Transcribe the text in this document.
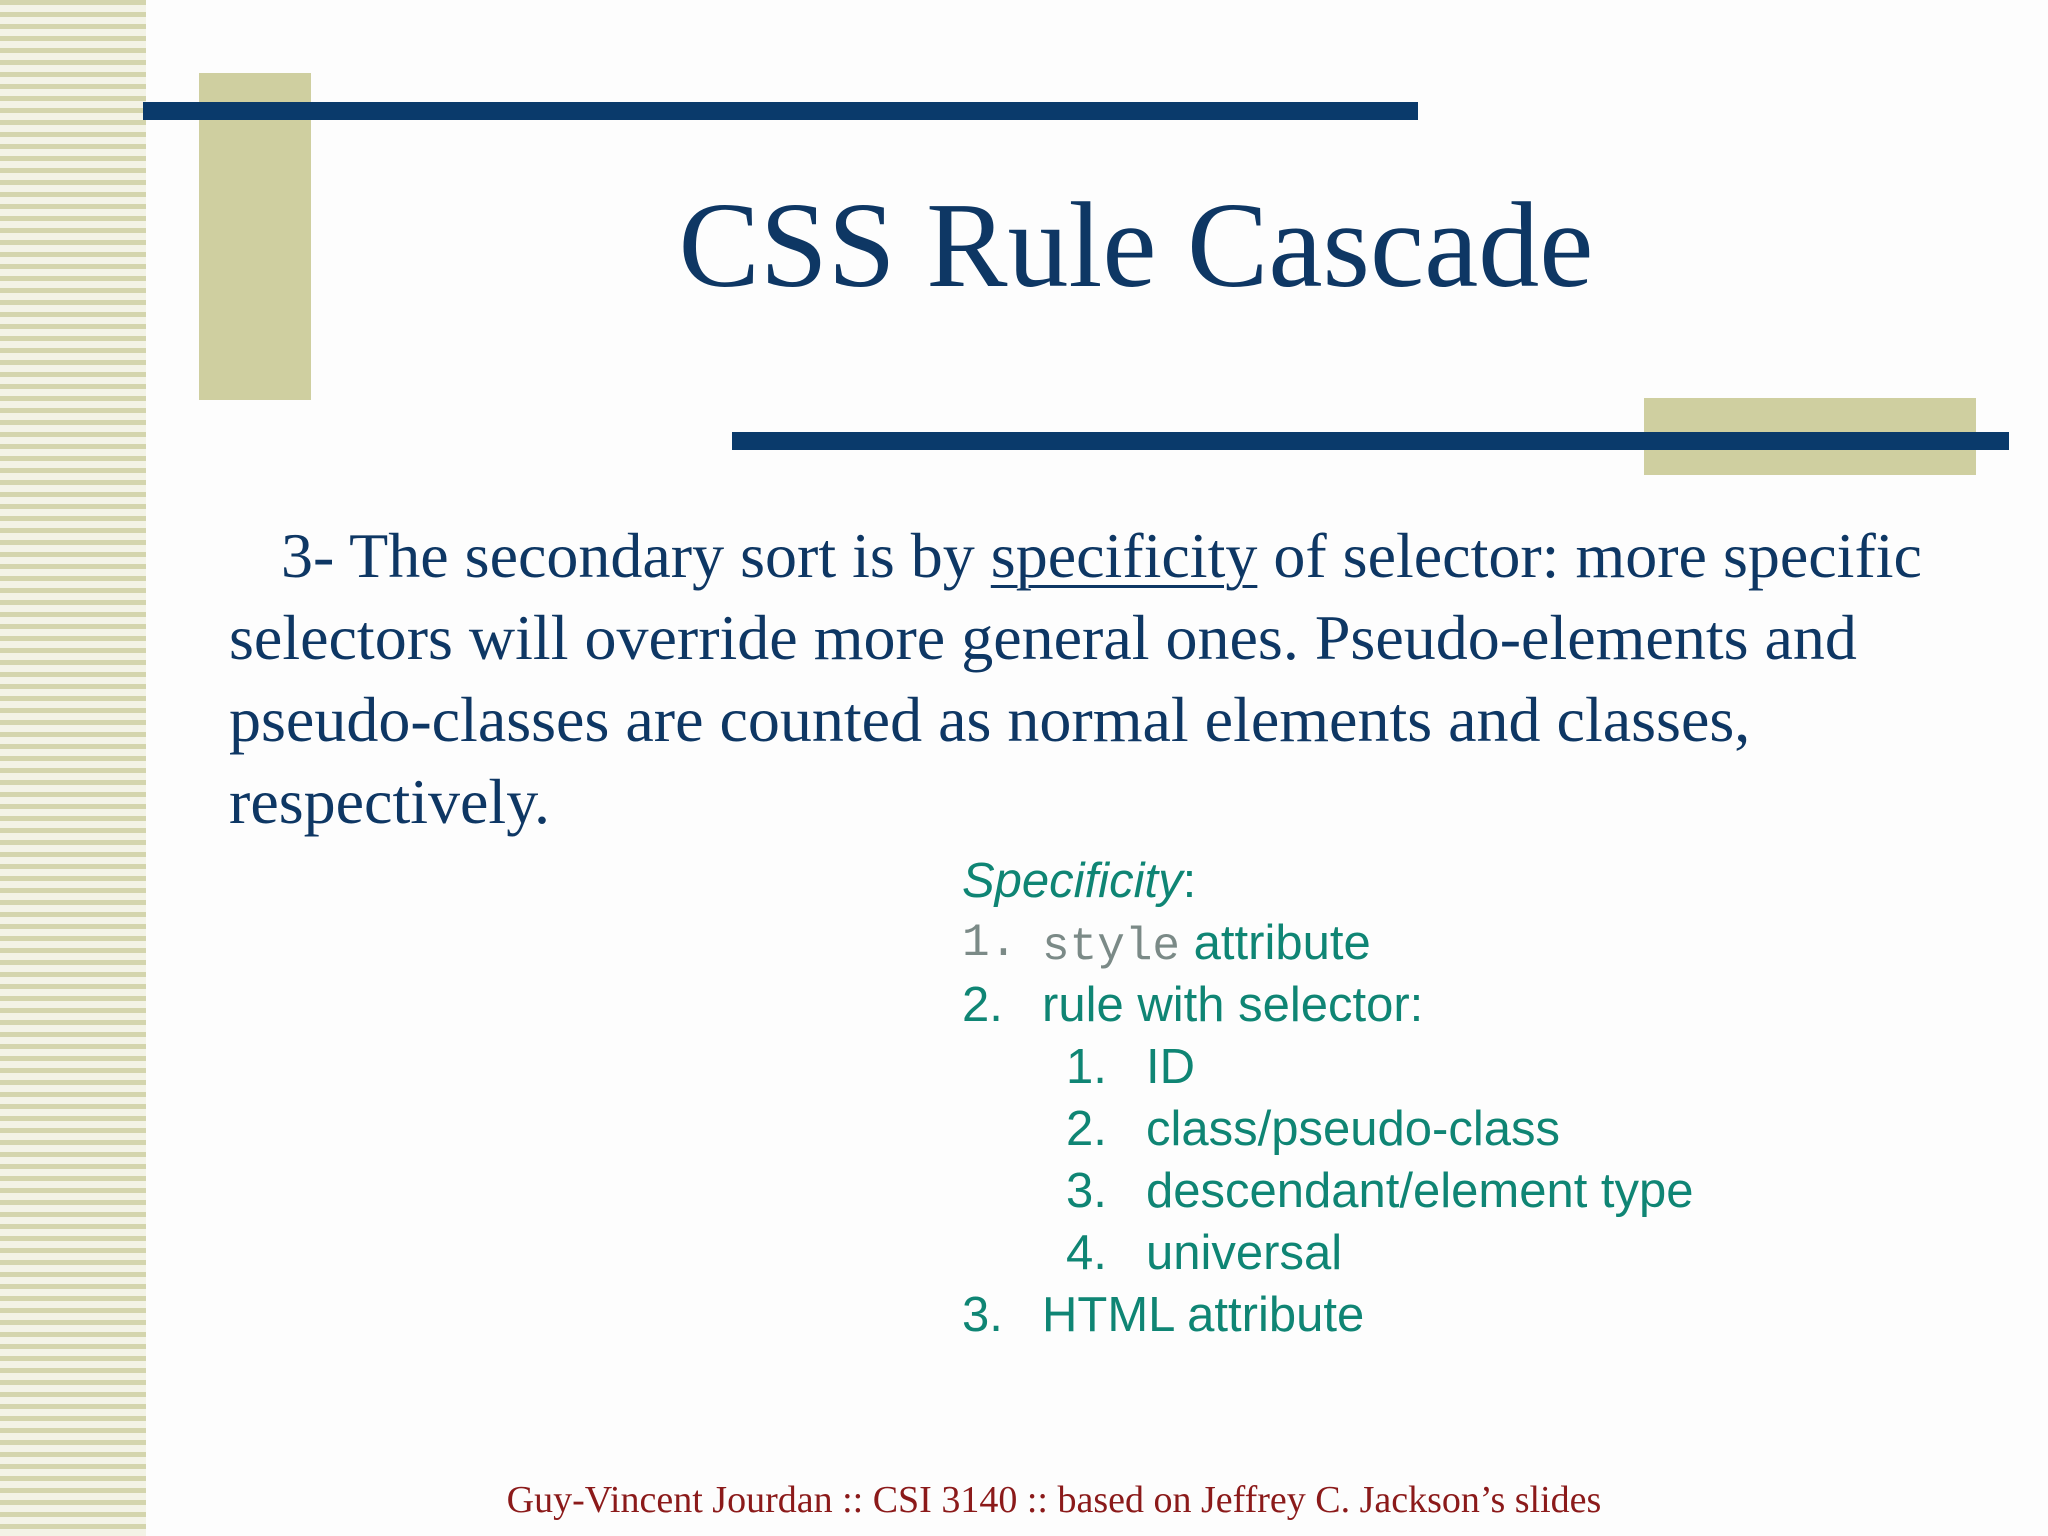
CSS Rule Cascade

3- The secondary sort is by specificity of selector: more specific selectors will override more general ones. Pseudo-elements and pseudo-classes are counted as normal elements and classes, respectively.

Specificity:
1. style attribute
2. rule with selector:
1. ID
2. class/pseudo-class
3. descendant/element type
4. universal
3. HTML attribute

Guy-Vincent Jourdan :: CSI 3140 :: based on Jeffrey C. Jackson’s slides
